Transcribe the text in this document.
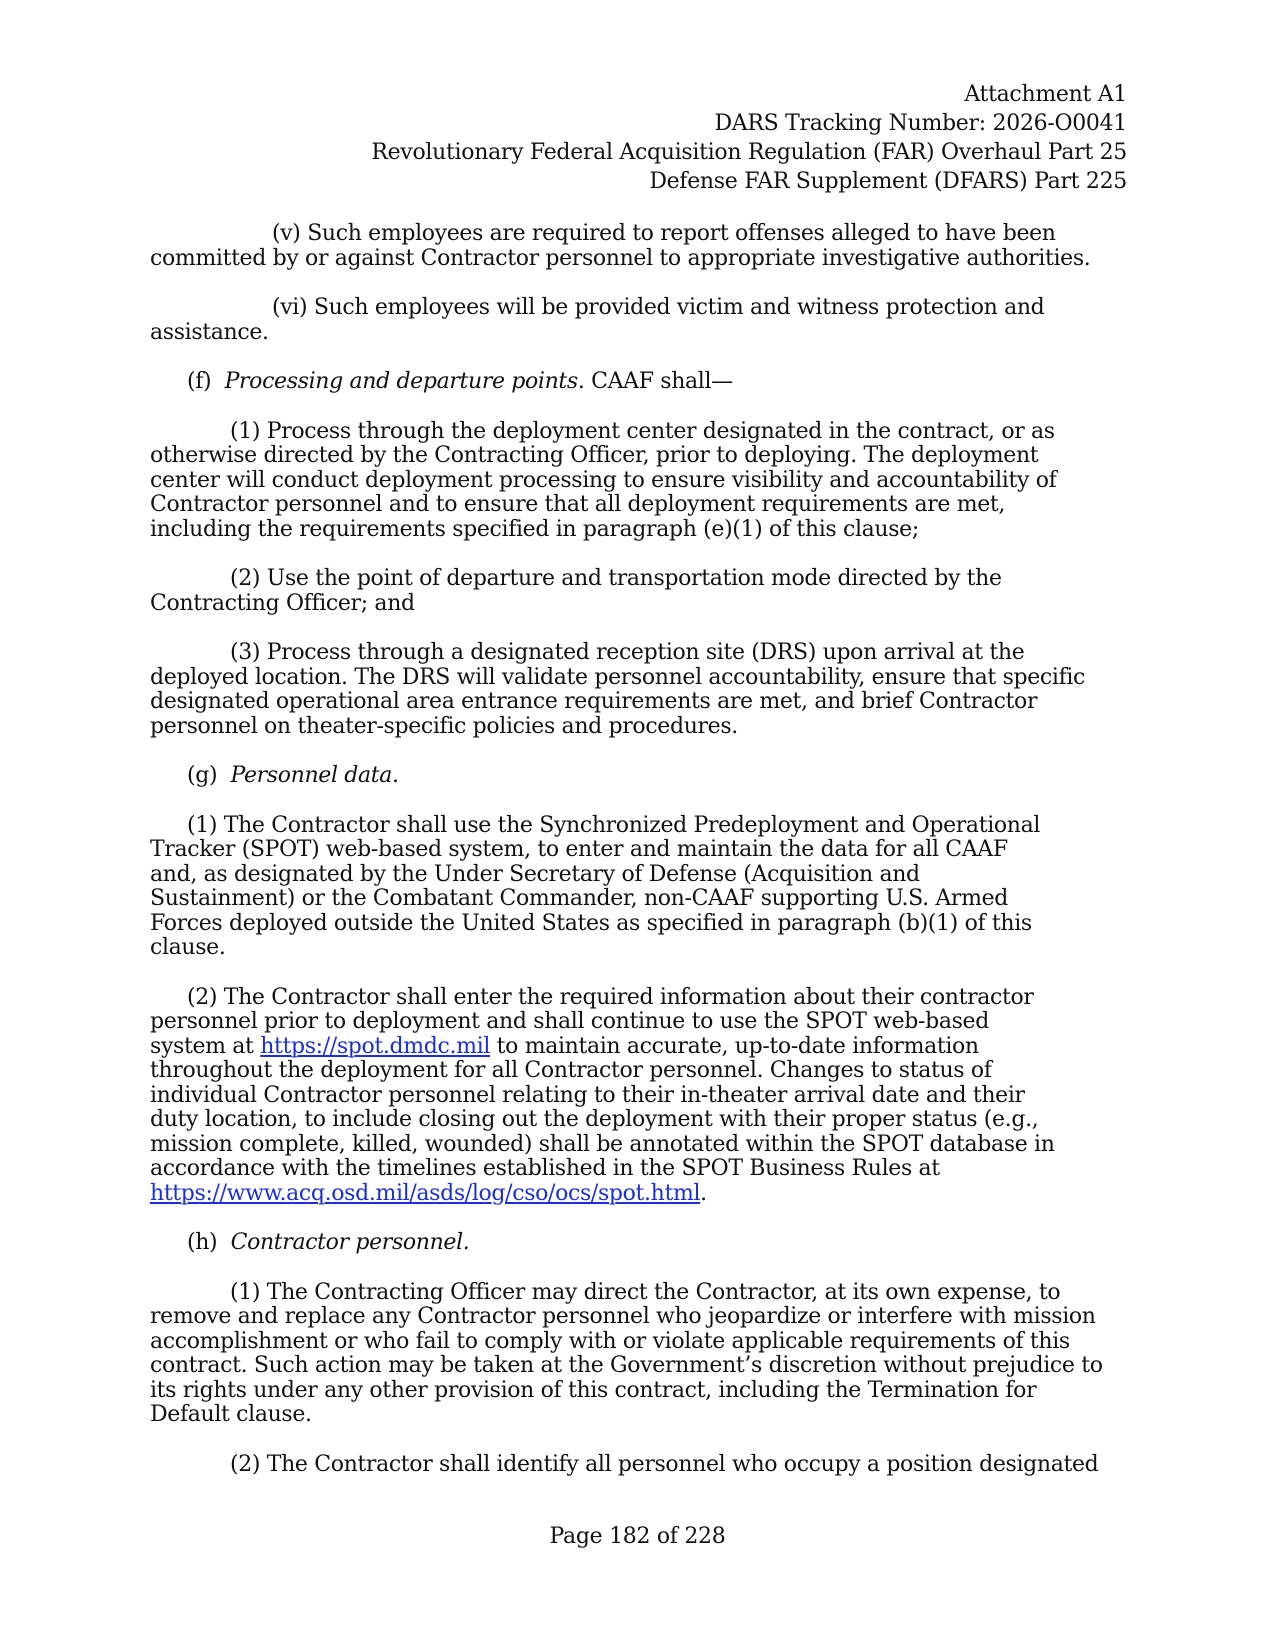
Attachment A1
DARS Tracking Number: 2026-O0041
Revolutionary Federal Acquisition Regulation (FAR) Overhaul Part 25
Defense FAR Supplement (DFARS) Part 225

(v) Such employees are required to report offenses alleged to have been
committed by or against Contractor personnel to appropriate investigative authorities.

(vi) Such employees will be provided victim and witness protection and
assistance.

(f) Processing and departure points. CAAF shall—

(1) Process through the deployment center designated in the contract, or as
otherwise directed by the Contracting Officer, prior to deploying. The deployment
center will conduct deployment processing to ensure visibility and accountability of
Contractor personnel and to ensure that all deployment requirements are met,
including the requirements specified in paragraph (e)(1) of this clause;

(2) Use the point of departure and transportation mode directed by the
Contracting Officer; and

(3) Process through a designated reception site (DRS) upon arrival at the
deployed location. The DRS will validate personnel accountability, ensure that specific
designated operational area entrance requirements are met, and brief Contractor
personnel on theater-specific policies and procedures.

(g) Personnel data.

(1) The Contractor shall use the Synchronized Predeployment and Operational
Tracker (SPOT) web-based system, to enter and maintain the data for all CAAF
and, as designated by the Under Secretary of Defense (Acquisition and
Sustainment) or the Combatant Commander, non-CAAF supporting U.S. Armed
Forces deployed outside the United States as specified in paragraph (b)(1) of this
clause.

(2) The Contractor shall enter the required information about their contractor
personnel prior to deployment and shall continue to use the SPOT web-based
system at https://spot.dmdc.mil to maintain accurate, up-to-date information
throughout the deployment for all Contractor personnel. Changes to status of
individual Contractor personnel relating to their in-theater arrival date and their
duty location, to include closing out the deployment with their proper status (e.g.,
mission complete, killed, wounded) shall be annotated within the SPOT database in
accordance with the timelines established in the SPOT Business Rules at
https://www.acq.osd.mil/asds/log/cso/ocs/spot.html.

(h) Contractor personnel.

(1) The Contracting Officer may direct the Contractor, at its own expense, to
remove and replace any Contractor personnel who jeopardize or interfere with mission
accomplishment or who fail to comply with or violate applicable requirements of this
contract. Such action may be taken at the Government’s discretion without prejudice to
its rights under any other provision of this contract, including the Termination for
Default clause.

(2) The Contractor shall identify all personnel who occupy a position designated

Page 182 of 228
